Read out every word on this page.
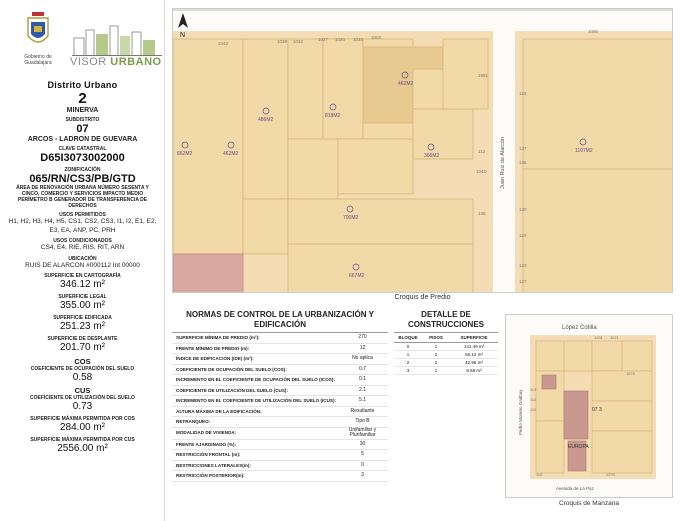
Gobierno de Guadalajara	VISOR URBANO
Distrito Urbano
2
MINERVA
SUBDISTRITO
07
ARCOS - LADRON DE GUEVARA
CLAVE CATASTRAL
D65I3073002000
ZONIFICACIÓN
065/RN/CS3/PB/GTD
ÁREA DE RENOVACIÓN URBANA NÚMERO SESENTA Y CINCO, COMERCIO Y SERVICIOS IMPACTO MEDIO PERÍMETRO B GENERADOR DE TRANSFERENCIA DE DERECHOS
USOS PERMITIDOS
H1, H2, H3, H4, H5, CS1, CS2, CS3, I1, I2, E1, E2, E3, EA, ANP, PC, PRH
USOS CONDICIONADOS
CS4, E4, RIE, RIS, RIT, ARN
UBICACIÓN
RUIS DE ALARCON #000112 Int 00000
SUPERFICIE EN CARTOGRAFÍA
346.12 m²
SUPERFICIE LEGAL
355.00 m²
SUPERFICIE EDIFICADA
251.23 m²
SUPERFICIE DE DESPLANTE
201.70 m²
COS
COEFICIENTE DE OCUPACIÓN DEL SUELO
0.58
CUS
COEFICIENTE DE UTILIZACIÓN DEL SUELO
0.73
SUPERFICIE MÁXIMA PERMITIDA POR COS
284.00 m²
SUPERFICIE MÁXIMA PERMITIDA POR CUS
2556.00 m²
662M2	462M2
486M2
818M2
462M2
366M2
700M2
667M2
1107M2
1043	1038 1032	1027 1020 1010 1003
1085
1981
112
104D
138
133
137
135
130
122
123
127
Juan Ruiz de Alarcón
N
Croquis de Predio
NORMAS DE CONTROL DE LA URBANIZACIÓN Y EDIFICACIÓN
SUPERFICIE MÍNIMA DE PREDIO (m²):	270
FRENTE MÍNIMO DE PREDIO (m):	12
ÍNDICE DE EDIFICACIÓN (IDE) (m²):	No aplica
COEFICIENTE DE OCUPACIÓN DEL SUELO (COS):	0.7
INCREMENTO EN EL COEFICIENTE DE OCUPACIÓN DEL SUELO (ICOS):	0.1
COEFICIENTE DE UTILIZACIÓN DEL SUELO (CUS):	2.1
INCREMENTO EN EL COEFICIENTE DE UTILIZACIÓN DEL SUELO (ICUS):	5.1
ALTURA MÁXIMA DE LA EDIFICACIÓN:	Resultante
RETRANQUEO:	Tipo B
MODALIDAD DE VIVIENDA:
Unifamiliar y Plurifamiliar
FRENTE AJARDINADO (%):	30
RESTRICCIÓN FRONTAL (m):	5
RESTRICCIONES LATERALES(m):	0
RESTRICCIÓN POSTERIOR(m):	3
DETALLE DE CONSTRUCCIONES
BLOQUE	PISOS	SUPERFICIE
0	1	141.49 m²
1	2	55.12 m²
2	2	42.96 m²
3	1	8.68 m²
López Cotilla
Avenida de La Paz
Pedro Moreno Garibay
EUROPA
07 3
1931 1921
1875
1270
110
113
115
119
Croquis de Manzana
